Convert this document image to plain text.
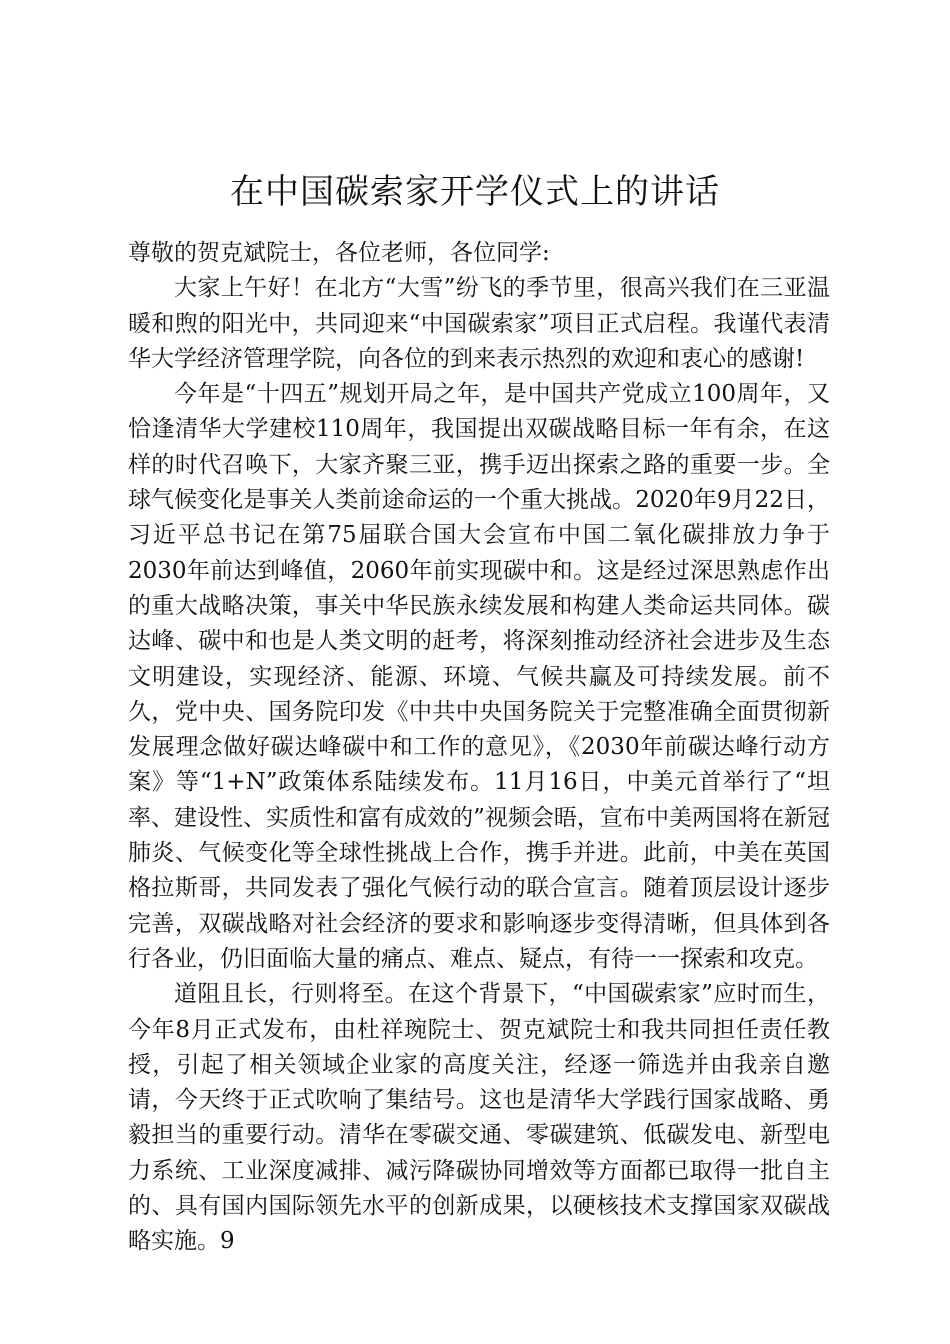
在中国碳索家开学仪式上的讲话

尊敬的贺克斌院士，各位老师，各位同学:

大家上午好！在北方“大雪”纷飞的季节里，很高兴我们在三亚温暖和煦的阳光中，共同迎来“中国碳索家”项目正式启程。我谨代表清华大学经济管理学院，向各位的到来表示热烈的欢迎和衷心的感谢!

今年是“十四五”规划开局之年，是中国共产党成立100周年，又恰逢清华大学建校110周年，我国提出双碳战略目标一年有余，在这样的时代召唤下，大家齐聚三亚，携手迈出探索之路的重要一步。全球气候变化是事关人类前途命运的一个重大挑战。2020年9月22日，习近平总书记在第75届联合国大会宣布中国二氧化碳排放力争于2030年前达到峰值，2060年前实现碳中和。这是经过深思熟虑作出的重大战略决策，事关中华民族永续发展和构建人类命运共同体。碳达峰、碳中和也是人类文明的赶考，将深刻推动经济社会进步及生态文明建设，实现经济、能源、环境、气候共赢及可持续发展。前不久，党中央、国务院印发《中共中央国务院关于完整准确全面贯彻新发展理念做好碳达峰碳中和工作的意见》，《2030年前碳达峰行动方案》等“1+N”政策体系陆续发布。11月16日，中美元首举行了“坦率、建设性、实质性和富有成效的”视频会晤，宣布中美两国将在新冠肺炎、气候变化等全球性挑战上合作，携手并进。此前，中美在英国格拉斯哥，共同发表了强化气候行动的联合宣言。随着顶层设计逐步完善，双碳战略对社会经济的要求和影响逐步变得清晰，但具体到各行各业，仍旧面临大量的痛点、难点、疑点，有待一一探索和攻克。

道阻且长，行则将至。在这个背景下，“中国碳索家”应时而生，今年8月正式发布，由杜祥琬院士、贺克斌院士和我共同担任责任教授，引起了相关领域企业家的高度关注，经逐一筛选并由我亲自邀请，今天终于正式吹响了集结号。这也是清华大学践行国家战略、勇毅担当的重要行动。清华在零碳交通、零碳建筑、低碳发电、新型电力系统、工业深度减排、减污降碳协同增效等方面都已取得一批自主的、具有国内国际领先水平的创新成果，以硬核技术支撑国家双碳战略实施。9
